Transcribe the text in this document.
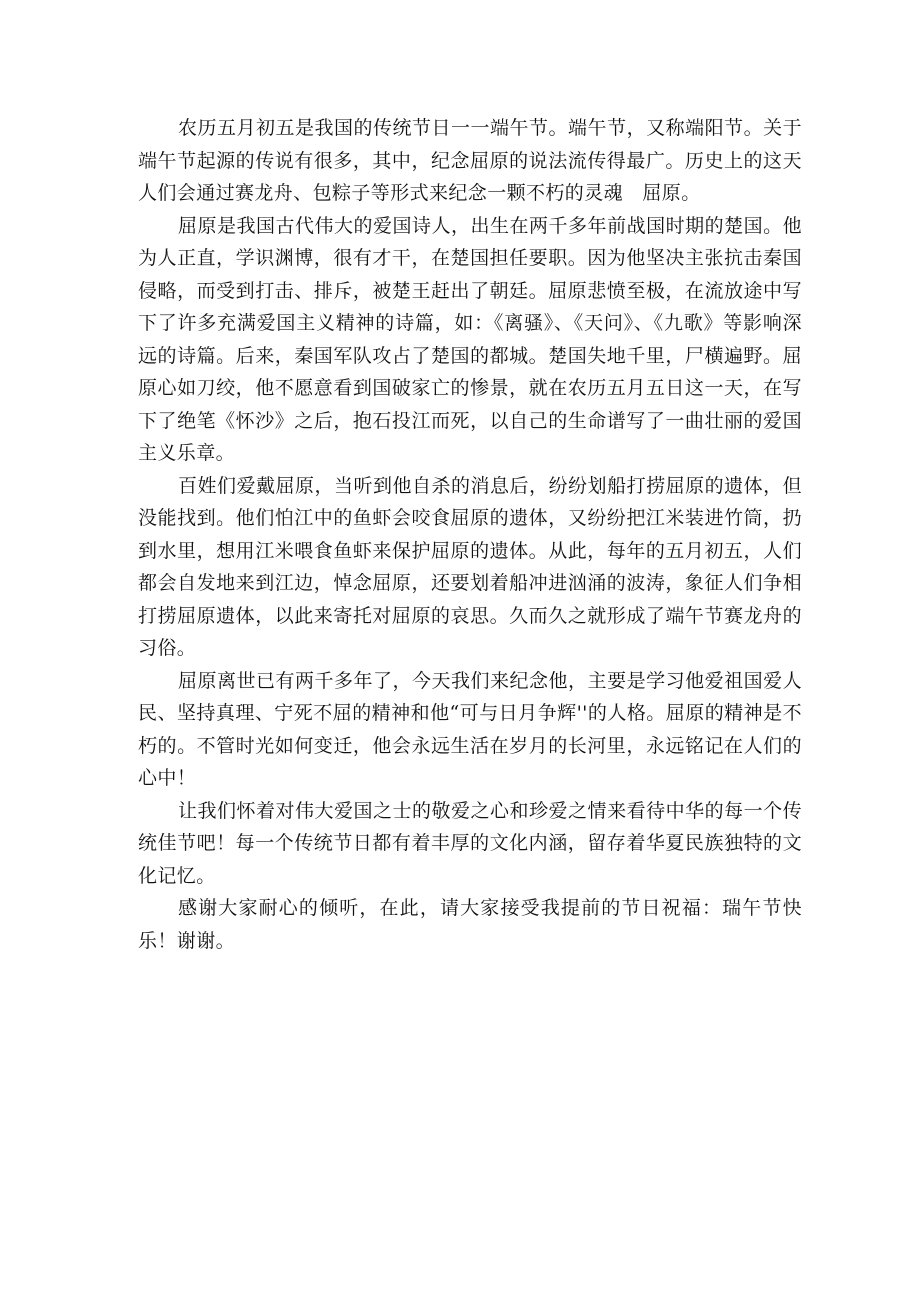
农历五月初五是我国的传统节日一一端午节。端午节，又称端阳节。关于端午节起源的传说有很多，其中，纪念屈原的说法流传得最广。历史上的这天人们会通过赛龙舟、包粽子等形式来纪念一颗不朽的灵魂　屈原。

屈原是我国古代伟大的爱国诗人，出生在两千多年前战国时期的楚国。他为人正直，学识渊博，很有才干，在楚国担任要职。因为他坚决主张抗击秦国侵略，而受到打击、排斥，被楚王赶出了朝廷。屈原悲愤至极，在流放途中写下了许多充满爱国主义精神的诗篇，如：《离骚》、《天问》、《九歌》等影响深远的诗篇。后来，秦国军队攻占了楚国的都城。楚国失地千里，尸横遍野。屈原心如刀绞，他不愿意看到国破家亡的惨景，就在农历五月五日这一天，在写下了绝笔《怀沙》之后，抱石投江而死，以自己的生命谱写了一曲壮丽的爱国主义乐章。

百姓们爱戴屈原，当听到他自杀的消息后，纷纷划船打捞屈原的遗体，但没能找到。他们怕江中的鱼虾会咬食屈原的遗体，又纷纷把江米装进竹筒，扔到水里，想用江米喂食鱼虾来保护屈原的遗体。从此，每年的五月初五，人们都会自发地来到江边，悼念屈原，还要划着船冲进汹涌的波涛，象征人们争相打捞屈原遗体，以此来寄托对屈原的哀思。久而久之就形成了端午节赛龙舟的习俗。

屈原离世已有两千多年了，今天我们来纪念他，主要是学习他爱祖国爱人民、坚持真理、宁死不屈的精神和他“可与日月争辉''的人格。屈原的精神是不朽的。不管时光如何变迁，他会永远生活在岁月的长河里，永远铭记在人们的心中！

让我们怀着对伟大爱国之士的敬爱之心和珍爱之情来看待中华的每一个传统佳节吧！每一个传统节日都有着丰厚的文化内涵，留存着华夏民族独特的文化记忆。

感谢大家耐心的倾听，在此，请大家接受我提前的节日祝福：瑞午节快乐！谢谢。
